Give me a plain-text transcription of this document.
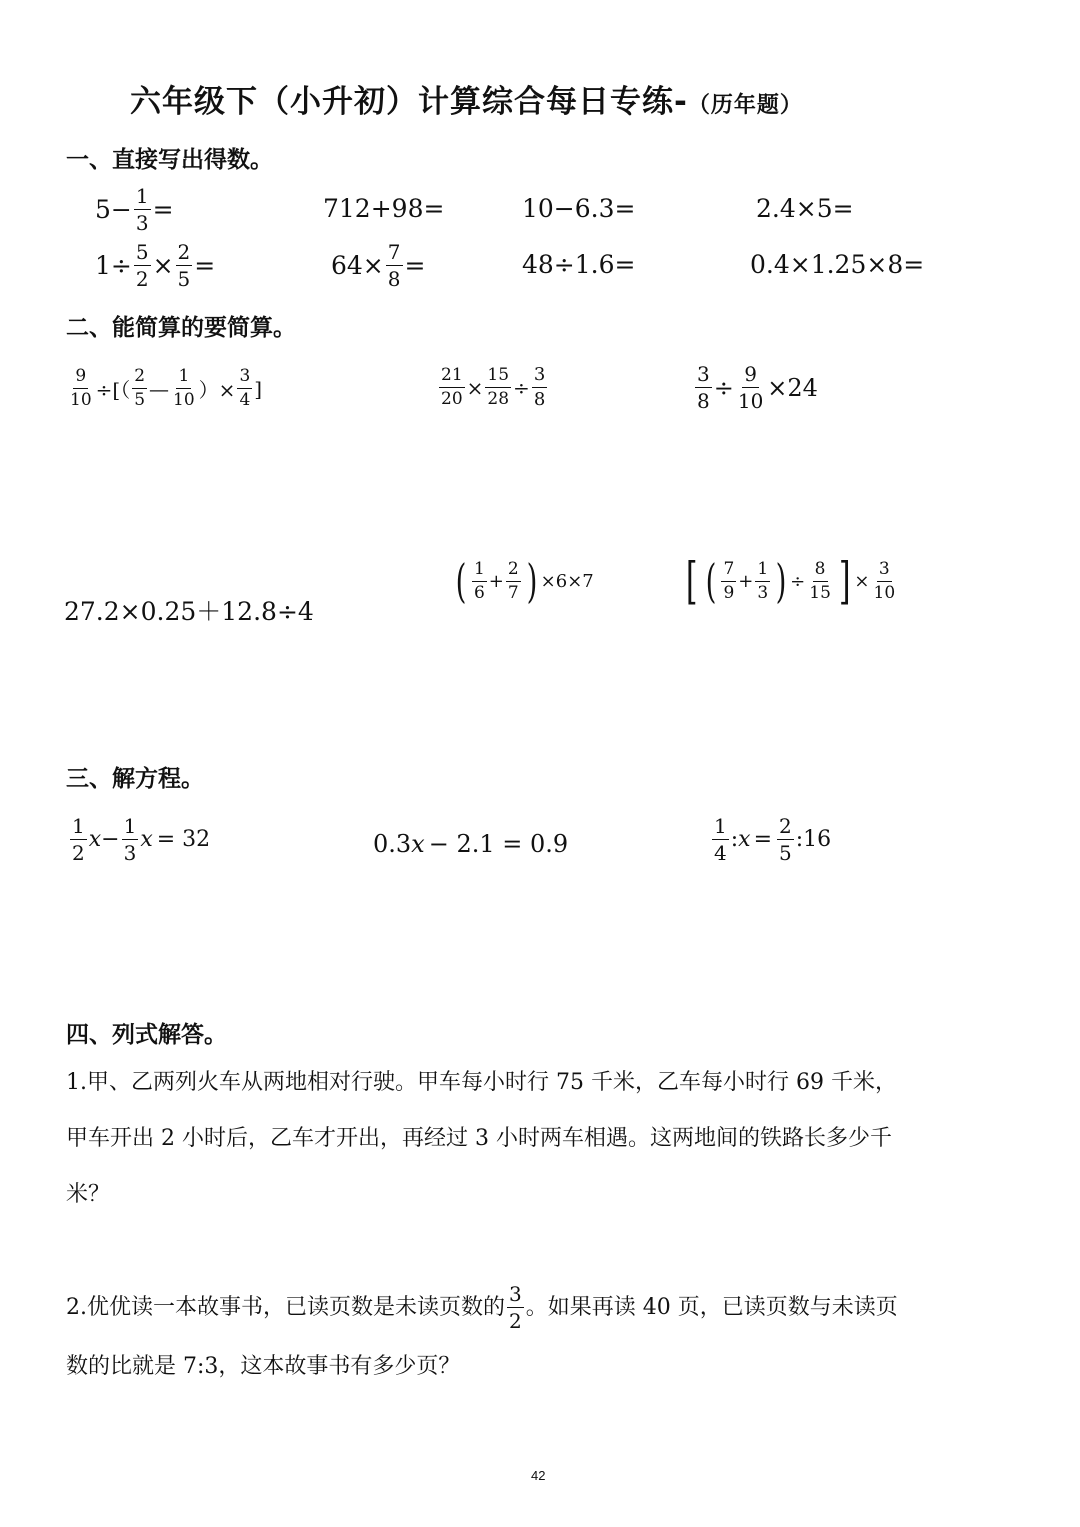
六年级下（小升初）计算综合每日专练-（历年题）
一、直接写出得数。
$5 - \frac{1}{3}$ =	712+98=	10−6.3=	2.4×5=
$1\div \frac{5}{2} \times \frac{2}{5}$ =	$64\times \frac{7}{8}$ =	48÷1.6=	0.4×1.25×8=
二、能简算的要简算。
$\frac{9}{10}$ ÷[（ $\frac{2}{5}$ — $\frac{1}{10}$ ）× $\frac{3}{4}$ ]	$\frac{21}{20} \times \frac{15}{28} \div \frac{3}{8}$	$\frac{3}{8} \div \frac{9}{10} \times 24$
27.2×0.25＋12.8÷4
( $\frac{1}{6} + \frac{2}{7}$ ) ×6×7 [ ( $\frac{7}{9} + \frac{1}{3}$ ) ÷ $\frac{8}{15}$ ] × $\frac{3}{10}$
三、解方程。
$\frac{1}{2}$ $x - \frac{1}{3}$ x = 32	0.3 x − 2.1 = 0.9	$\frac{1}{4}$ : $x = \frac{2}{5}$ :16
四、列式解答。
1.甲、乙两列火车从两地相对行驶。甲车每小时行 75 千米，乙车每小时行 69 千米，
甲车开出 2 小时后，乙车才开出，再经过 3 小时两车相遇。这两地间的铁路长多少千
米？
2.优优读一本故事书，已读页数是未读页数的 $\frac{3}{2}$ 。如果再读 40 页，已读页数与未读页
数的比就是 7:3，这本故事书有多少页？
42
